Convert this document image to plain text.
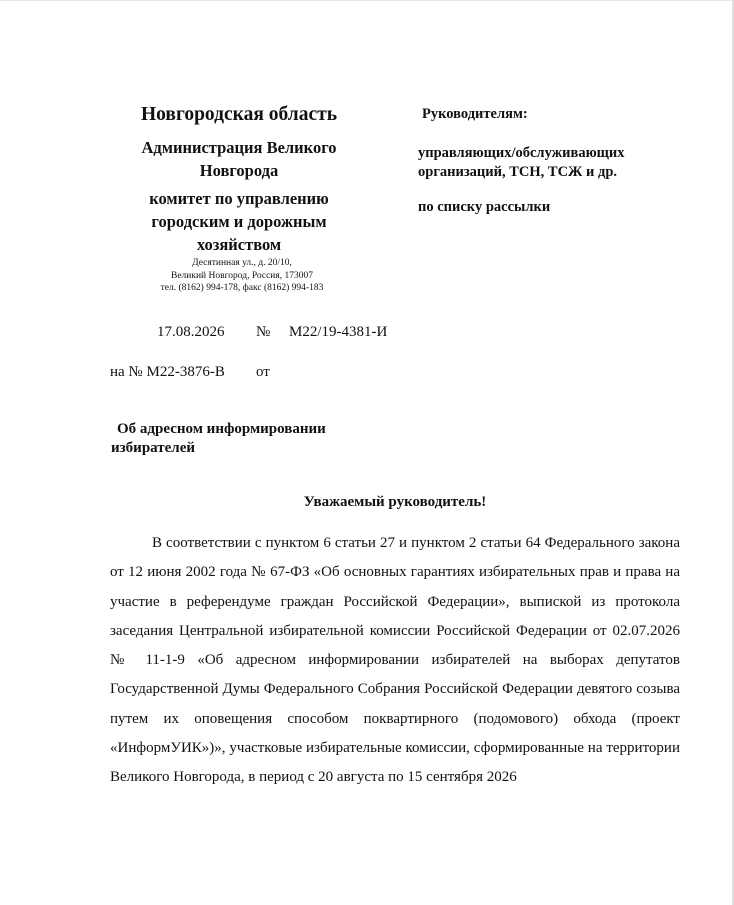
Новгородская область
Администрация Великого Новгорода
комитет по управлению городским и дорожным хозяйством
Десятинная ул., д. 20/10,
Великий Новгород, Россия, 173007
тел. (8162) 994-178, факс (8162) 994-183
Руководителям:
управляющих/обслуживающих организаций, ТСН, ТСЖ и др.
по списку рассылки
17.08.2026 № М22/19-4381-И
на № М22-3876-В от
Об адресном информировании избирателей
Уважаемый руководитель!
В соответствии с пунктом 6 статьи 27 и пунктом 2 статьи 64 Федерального закона от 12 июня 2002 года № 67-ФЗ «Об основных гарантиях избирательных прав и права на участие в референдуме граждан Российской Федерации», выпиской из протокола заседания Центральной избирательной комиссии Российской Федерации от 02.07.2026 № 11-1-9 «Об адресном информировании избирателей на выборах депутатов Государственной Думы Федерального Собрания Российской Федерации девятого созыва путем их оповещения способом поквартирного (подомового) обхода (проект «ИнформУИК»)», участковые избирательные комиссии, сформированные на территории Великого Новгорода, в период с 20 августа по 15 сентября 2026
